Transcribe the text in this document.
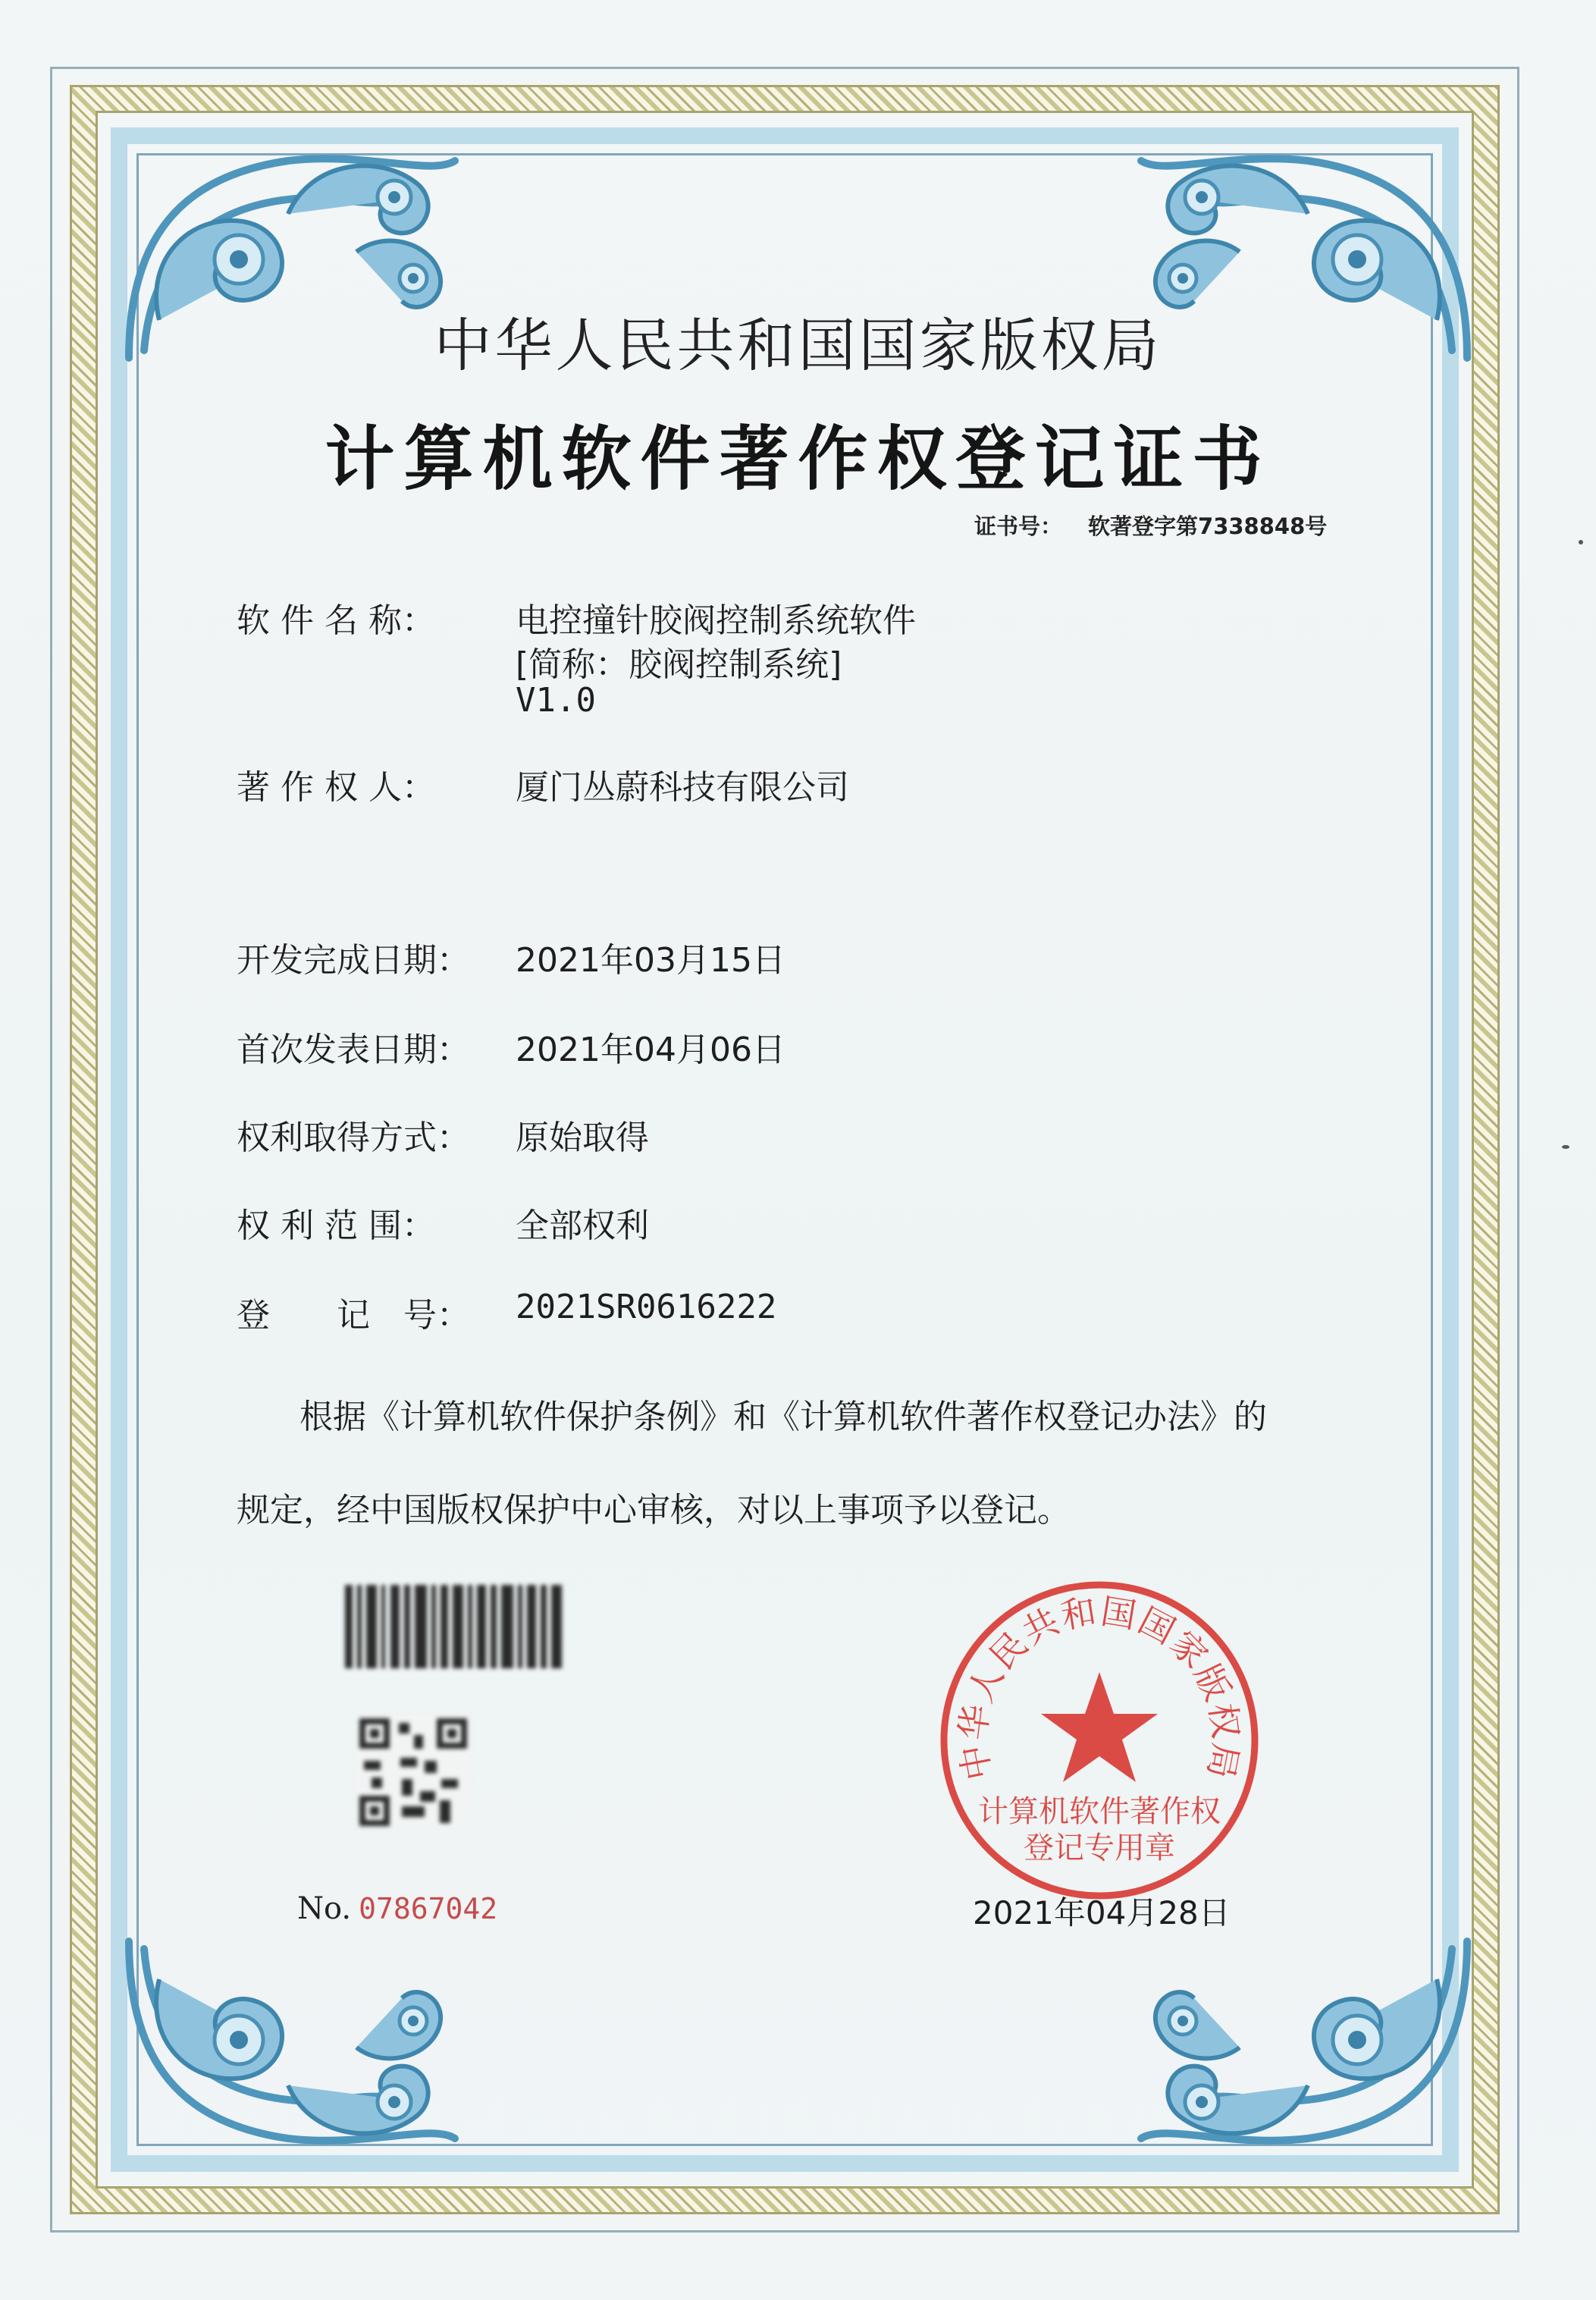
中华人民共和国国家版权局
计算机软件著作权登记证书
证书号： 软著登字第7338848号
软 件 名 称：	电控撞针胶阀控制系统软件
[简称：胶阀控制系统]
V1.0
著 作 权 人：	厦门丛蔚科技有限公司
开发完成日期： 2021年03月15日
首次发表日期： 2021年04月06日
权利取得方式： 原始取得
权 利 范 围：	全部权利
登　　记　号： 2021SR0616222
根据《计算机软件保护条例》和《计算机软件著作权登记办法》的
规定，经中国版权保护中心审核，对以上事项予以登记。
No. 07867042
中华人民共和国国家版权局
计算机软件著作权
登记专用章
2021年04月28日
